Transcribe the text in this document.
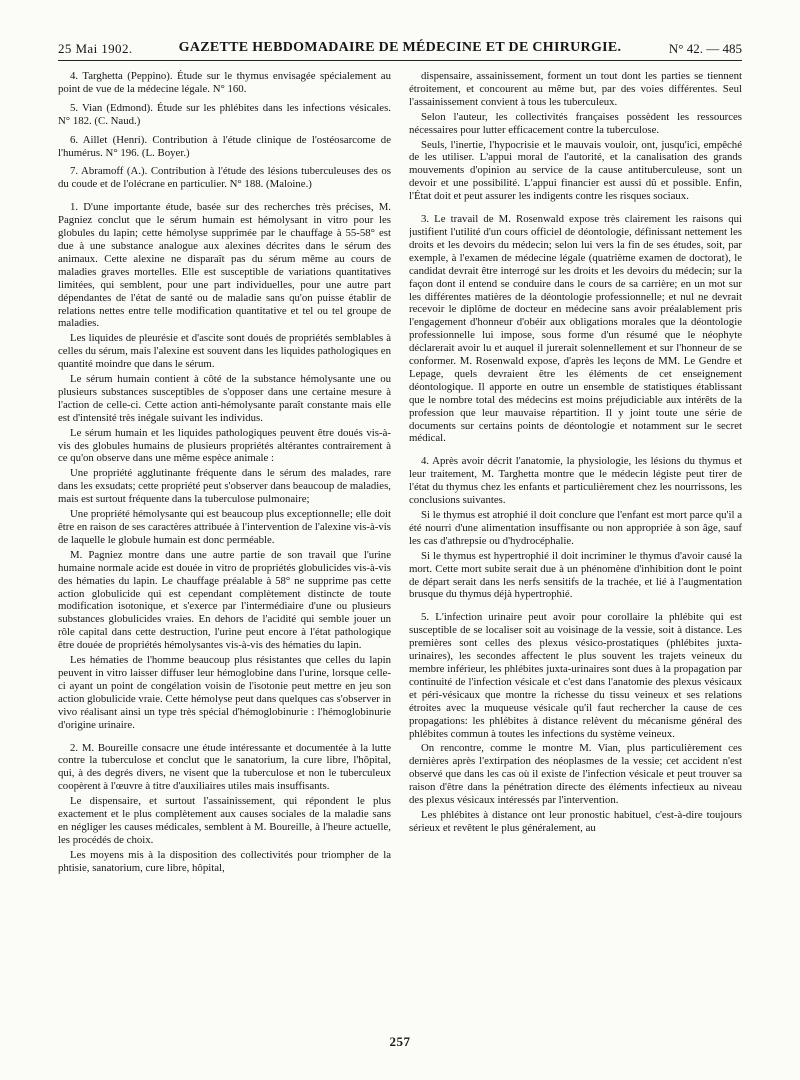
25 Mai 1902.	GAZETTE HEBDOMADAIRE DE MÉDECINE ET DE CHIRURGIE.	N° 42. — 485

4. Targhetta (Peppino). Étude sur le thymus envisagée spécialement au point de vue de la médecine légale. N° 160.

5. Vian (Edmond). Étude sur les phlébites dans les infections vésicales. N° 182. (C. Naud.)

6. Aillet (Henri). Contribution à l'étude clinique de l'ostéosarcome de l'humérus. N° 196. (L. Boyer.)

7. Abramoff (A.). Contribution à l'étude des lésions tuberculeuses des os du coude et de l'olécrane en particulier. N° 188. (Maloine.)

1. D'une importante étude, basée sur des recherches très précises, M. Pagniez conclut que le sérum humain est hémolysant in vitro pour les globules du lapin; cette hémolyse supprimée par le chauffage à 55-58° est due à une substance analogue aux alexines décrites dans le sérum des animaux. Cette alexine ne disparaît pas du sérum même au cours de maladies graves mortelles. Elle est susceptible de variations quantitatives limitées, qui semblent, pour une part individuelles, pour une autre part dépendantes de l'état de santé ou de maladie sans qu'on puisse établir de relations nettes entre telle modification quantitative et tel ou tel groupe de maladies.

Les liquides de pleurésie et d'ascite sont doués de propriétés semblables à celles du sérum, mais l'alexine est souvent dans les liquides pathologiques en quantité moindre que dans le sérum.

Le sérum humain contient à côté de la substance hémolysante une ou plusieurs substances susceptibles de s'opposer dans une certaine mesure à l'action de celle-ci. Cette action anti-hémolysante paraît constante mais elle est d'intensité très inégale suivant les individus.

Le sérum humain et les liquides pathologiques peuvent être doués vis-à-vis des globules humains de plusieurs propriétés altérantes contrairement à ce qu'on observe dans une même espèce animale :

Une propriété agglutinante fréquente dans le sérum des malades, rare dans les exsudats; cette propriété peut s'observer dans beaucoup de maladies, mais est surtout fréquente dans la tuberculose pulmonaire;

Une propriété hémolysante qui est beaucoup plus exceptionnelle; elle doit être en raison de ses caractères attribuée à l'intervention de l'alexine vis-à-vis de laquelle le globule humain est donc perméable.

M. Pagniez montre dans une autre partie de son travail que l'urine humaine normale acide est douée in vitro de propriétés globulicides vis-à-vis des hématies du lapin. Le chauffage préalable à 58° ne supprime pas cette action globulicide qui est cependant complètement distincte de toute modification isotonique, et s'exerce par l'intermédiaire d'une ou plusieurs substances globulicides vraies. En dehors de l'acidité qui semble jouer un rôle capital dans cette destruction, l'urine peut encore à l'état pathologique être douée de propriétés hémolysantes vis-à-vis des hématies du lapin.

Les hématies de l'homme beaucoup plus résistantes que celles du lapin peuvent in vitro laisser diffuser leur hémoglobine dans l'urine, lorsque celle-ci ayant un point de congélation voisin de l'isotonie peut mettre en jeu son action globulicide vraie. Cette hémolyse peut dans quelques cas s'observer in vivo réalisant ainsi un type très spécial d'hémoglobinurie : l'hémoglobinurie d'origine urinaire.

2. M. Boureille consacre une étude intéressante et documentée à la lutte contre la tuberculose et conclut que le sanatorium, la cure libre, l'hôpital, qui, à des degrés divers, ne visent que la tuberculose et non le tuberculeux coopèrent à l'œuvre à titre d'auxiliaires utiles mais insuffisants.

Le dispensaire, et surtout l'assainissement, qui répondent le plus exactement et le plus complètement aux causes sociales de la maladie sans en négliger les causes médicales, semblent à M. Boureille, à l'heure actuelle, les procédés de choix.

Les moyens mis à la disposition des collectivités pour triompher de la phtisie, sanatorium, cure libre, hôpital,

dispensaire, assainissement, forment un tout dont les parties se tiennent étroitement, et concourent au même but, par des voies différentes. Seul l'assainissement convient à tous les tuberculeux.

Selon l'auteur, les collectivités françaises possèdent les ressources nécessaires pour lutter efficacement contre la tuberculose.

Seuls, l'inertie, l'hypocrisie et le mauvais vouloir, ont, jusqu'ici, empêché de les utiliser. L'appui moral de l'autorité, et la canalisation des grands mouvements d'opinion au service de la cause antituberculeuse, sont un devoir et une possibilité. L'appui financier est aussi dû et possible. Enfin, l'État doit et peut assurer les indigents contre les risques sociaux.

3. Le travail de M. Rosenwald expose très clairement les raisons qui justifient l'utilité d'un cours officiel de déontologie, définissant nettement les droits et les devoirs du médecin; selon lui vers la fin de ses études, soit, par exemple, à l'examen de médecine légale (quatrième examen de doctorat), le candidat devrait être interrogé sur les droits et les devoirs du médecin; sur la façon dont il entend se conduire dans le cours de sa carrière; en un mot sur les différentes matières de la déontologie professionnelle; et nul ne devrait recevoir le diplôme de docteur en médecine sans avoir préalablement pris l'engagement d'honneur d'obéir aux obligations morales que la déontologie professionnelle lui impose, sous forme d'un résumé que le néophyte déclarerait avoir lu et auquel il jurerait solennellement et sur l'honneur de se conformer. M. Rosenwald expose, d'après les leçons de MM. Le Gendre et Lepage, quels devraient être les éléments de cet enseignement déontologique. Il apporte en outre un ensemble de statistiques établissant que le nombre total des médecins est moins préjudiciable aux intérêts de la profession que leur mauvaise répartition. Il y joint toute une série de documents sur certains points de déontologie et notamment sur le secret médical.

4. Après avoir décrit l'anatomie, la physiologie, les lésions du thymus et leur traitement, M. Targhetta montre que le médecin légiste peut tirer de l'état du thymus chez les enfants et particulièrement chez les nourrissons, les conclusions suivantes.

Si le thymus est atrophié il doit conclure que l'enfant est mort parce qu'il a été nourri d'une alimentation insuffisante ou non appropriée à son âge, sauf les cas d'athrepsie ou d'hydrocéphalie.

Si le thymus est hypertrophié il doit incriminer le thymus d'avoir causé la mort. Cette mort subite serait due à un phénomène d'inhibition dont le point de départ serait dans les nerfs sensitifs de la trachée, et lié à l'augmentation brusque du thymus déjà hypertrophié.

5. L'infection urinaire peut avoir pour corollaire la phlébite qui est susceptible de se localiser soit au voisinage de la vessie, soit à distance. Les premières sont celles des plexus vésico-prostatiques (phlébites juxta-urinaires), les secondes affectent le plus souvent les trajets veineux du membre inférieur, les phlébites juxta-urinaires sont dues à la propagation par continuité de l'infection vésicale et c'est dans l'anatomie des plexus vésicaux et péri-vésicaux que montre la richesse du tissu veineux et ses relations étroites avec la muqueuse vésicale qu'il faut rechercher la cause de ces propagations: les phlébites à distance relèvent du mécanisme général des phlébites commun à toutes les infections du système veineux.

On rencontre, comme le montre M. Vian, plus particulièrement ces dernières après l'extirpation des néoplasmes de la vessie; cet accident n'est observé que dans les cas où il existe de l'infection vésicale et peut trouver sa raison d'être dans la pénétration directe des éléments infectieux au niveau des plexus vésicaux intéressés par l'intervention.

Les phlébites à distance ont leur pronostic habituel, c'est-à-dire toujours sérieux et revêtent le plus généralement, au

257
